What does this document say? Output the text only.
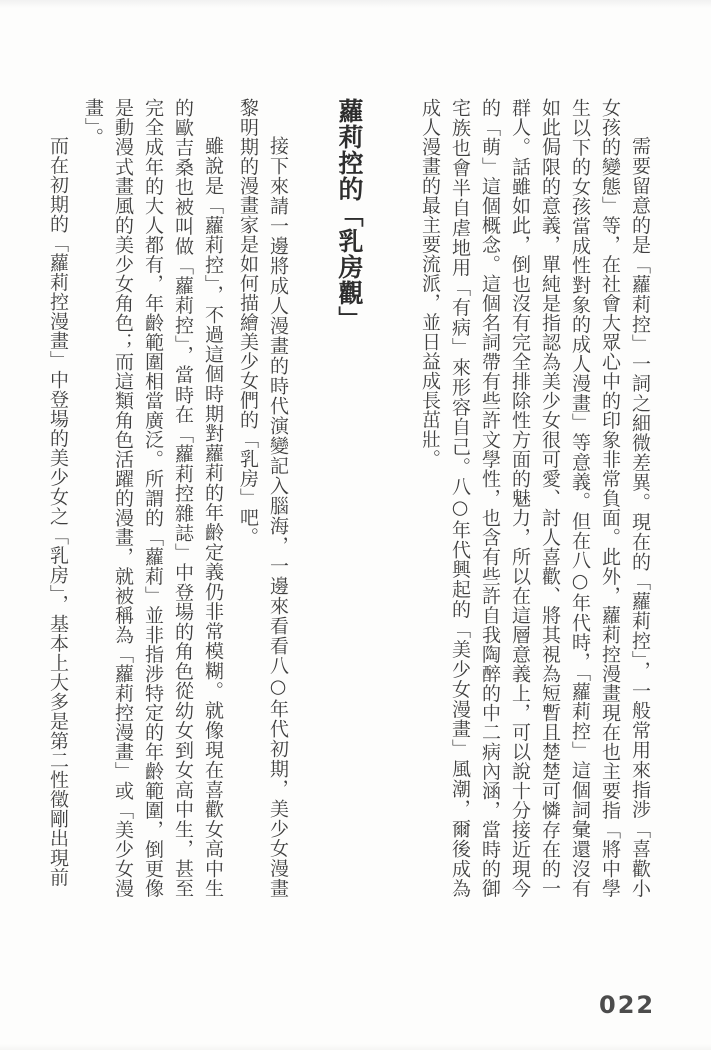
需要留意的是「蘿莉控」一詞之細微差異。現在的「蘿莉控」，一般常用來指涉「喜歡小女孩的變態」等，在社會大眾心中的印象非常負面。此外，蘿莉控漫畫現在也主要指「將中學生以下的女孩當成性對象的成人漫畫」等意義。但在八○年代時，「蘿莉控」這個詞彙還沒有如此侷限的意義，單純是指認為美少女很可愛、討人喜歡、將其視為短暫且楚楚可憐存在的一群人。話雖如此，倒也沒有完全排除性方面的魅力，所以在這層意義上，可以說十分接近現今的「萌」這個概念。這個名詞帶有些許文學性，也含有些許自我陶醉的中二病內涵，當時的御宅族也會半自虐地用「有病」來形容自己。八○年代興起的「美少女漫畫」風潮，爾後成為成人漫畫的最主要流派，並日益成長茁壯。

蘿莉控的「乳房觀」

接下來請一邊將成人漫畫的時代演變記入腦海，一邊來看看八○年代初期，美少女漫畫黎明期的漫畫家是如何描繪美少女們的「乳房」吧。

雖說是「蘿莉控」，不過這個時期對蘿莉的年齡定義仍非常模糊。就像現在喜歡女高中生的歐吉桑也被叫做「蘿莉控」，當時在「蘿莉控雜誌」中登場的角色從幼女到女高中生，甚至完全成年的大人都有，年齡範圍相當廣泛。所謂的「蘿莉」並非指涉特定的年齡範圍，倒更像是動漫式畫風的美少女角色；而這類角色活躍的漫畫，就被稱為「蘿莉控漫畫」或「美少女漫畫」。

而在初期的「蘿莉控漫畫」中登場的美少女之「乳房」，基本上大多是第二性徵剛出現前

022
